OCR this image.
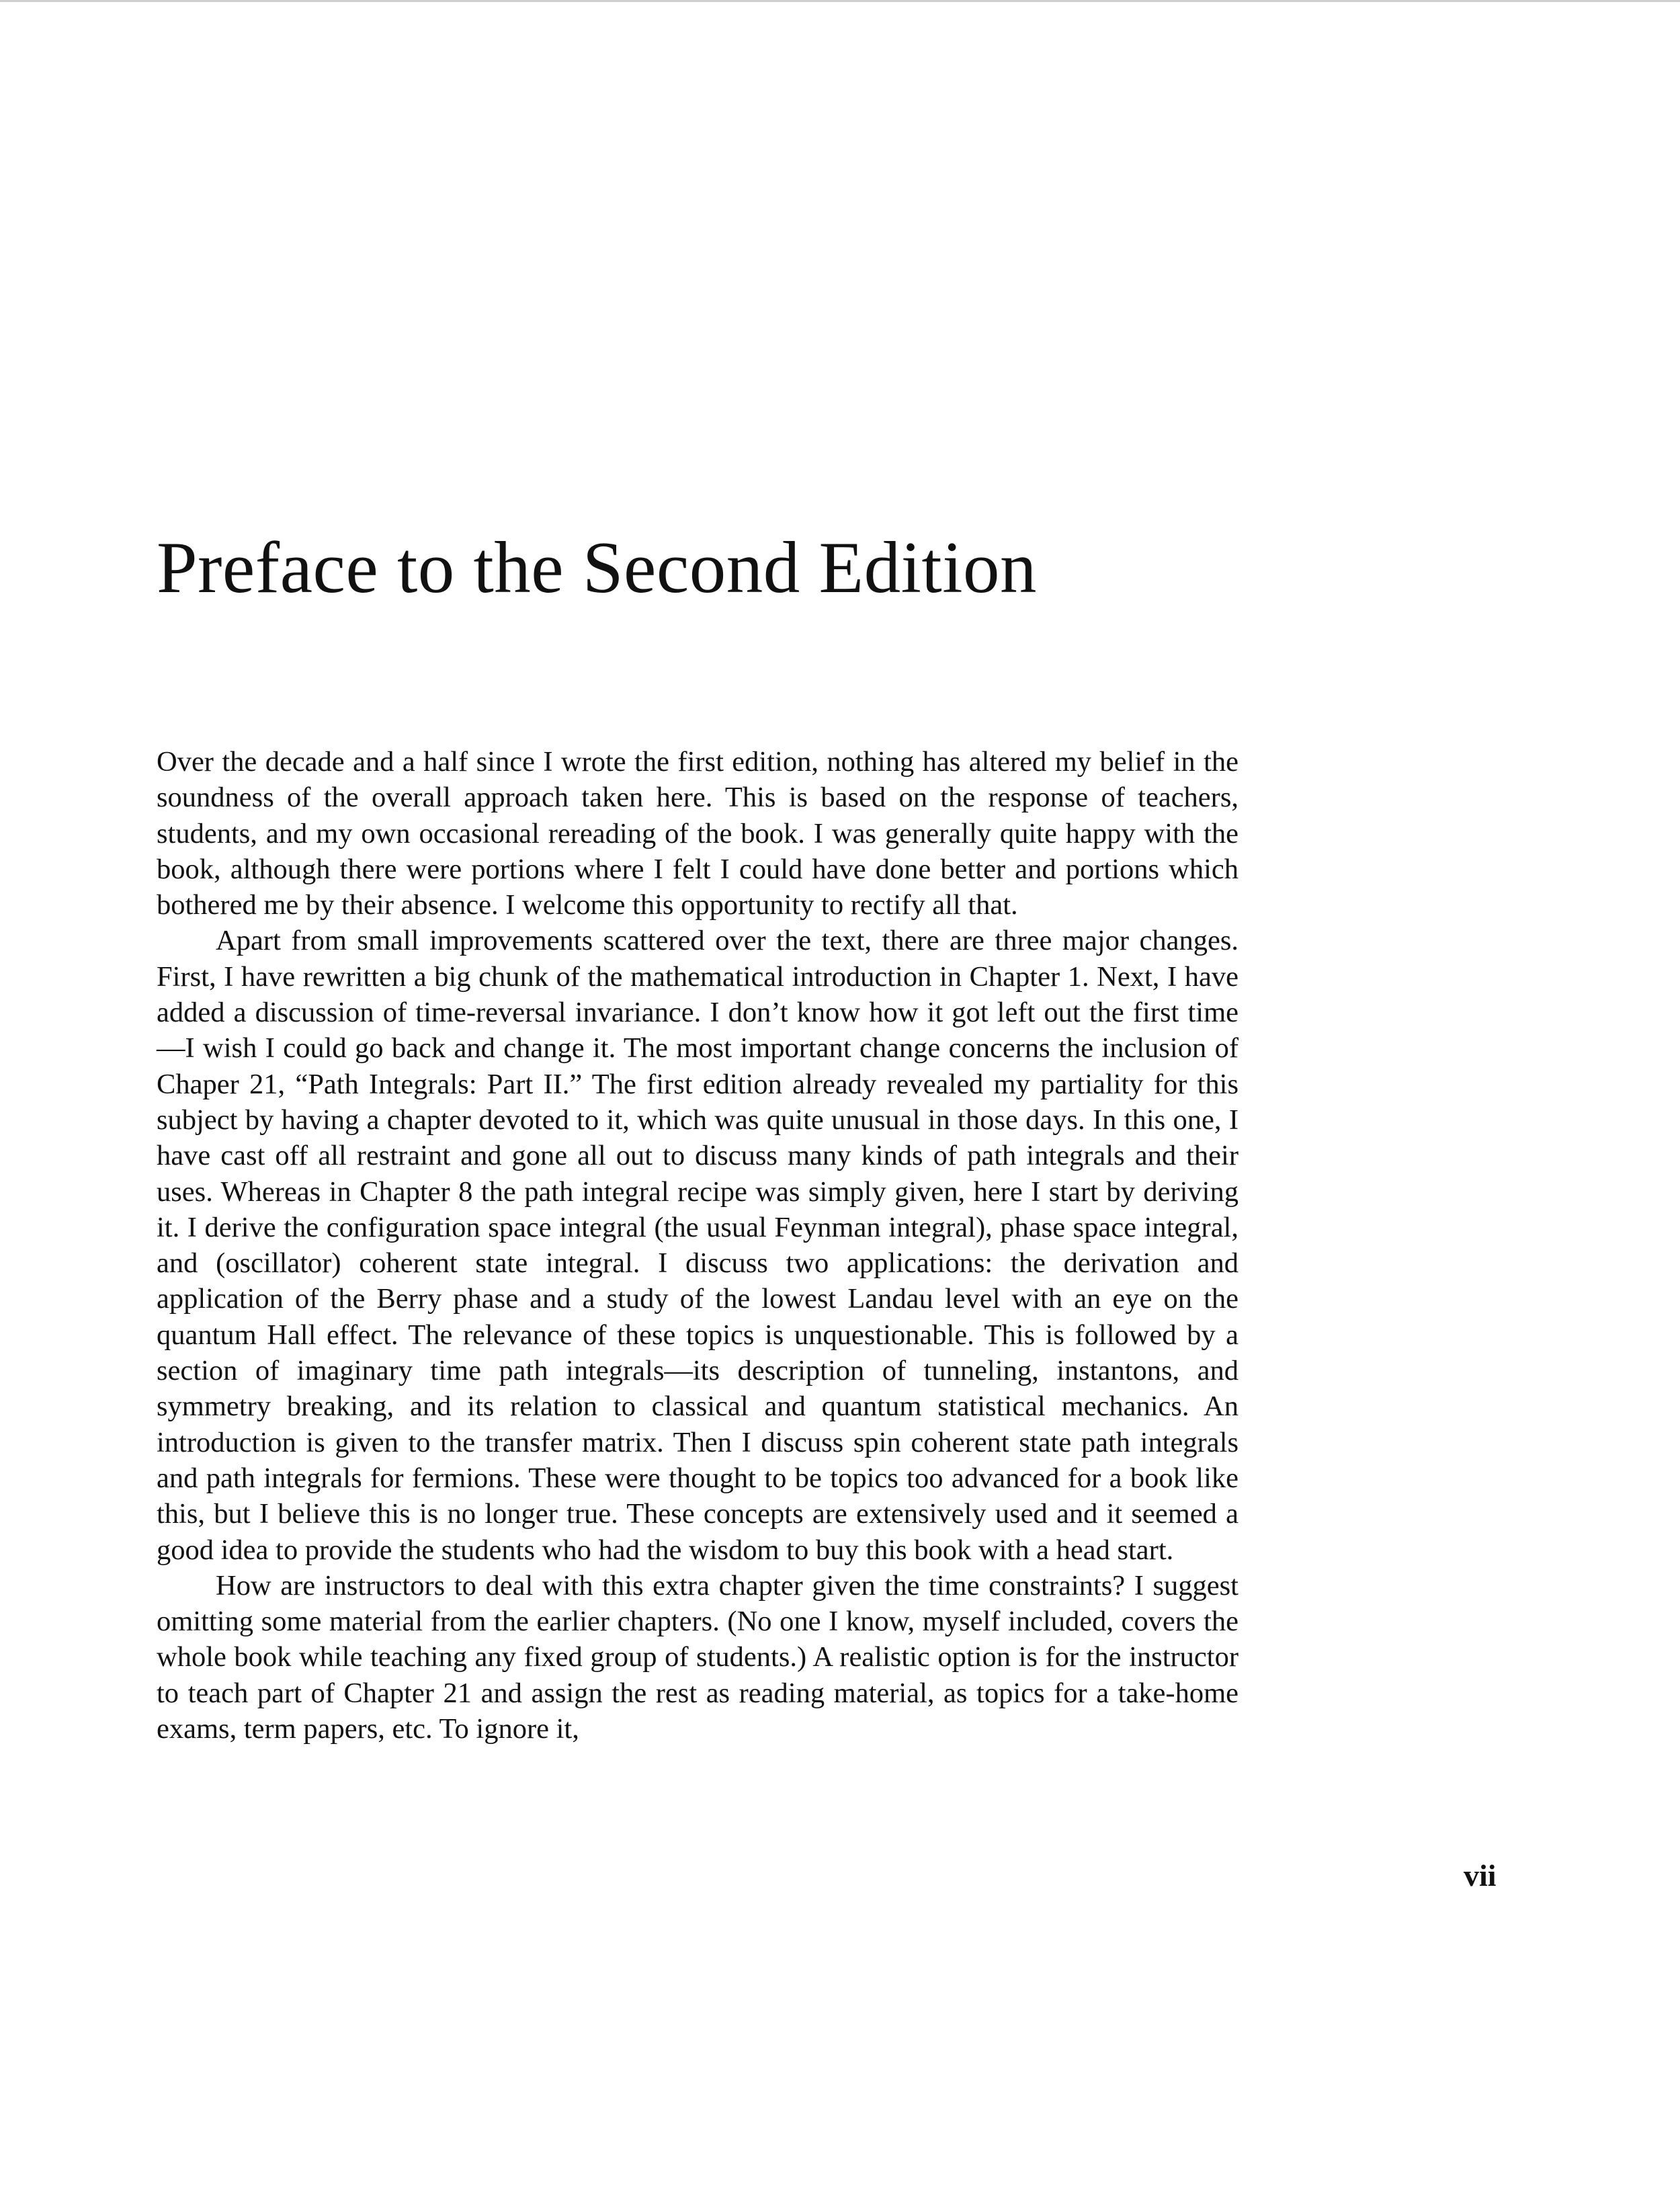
Preface to the Second Edition

Over the decade and a half since I wrote the first edition, nothing has altered my belief in the soundness of the overall approach taken here. This is based on the response of teachers, students, and my own occasional rereading of the book. I was generally quite happy with the book, although there were portions where I felt I could have done better and portions which bothered me by their absence. I welcome this opportunity to rectify all that.

Apart from small improvements scattered over the text, there are three major changes. First, I have rewritten a big chunk of the mathematical introduction in Chapter 1. Next, I have added a discussion of time-reversal invariance. I don’t know how it got left out the first time—I wish I could go back and change it. The most important change concerns the inclusion of Chaper 21, “Path Integrals: Part II.” The first edition already revealed my partiality for this subject by having a chapter devoted to it, which was quite unusual in those days. In this one, I have cast off all restraint and gone all out to discuss many kinds of path integrals and their uses. Whereas in Chapter 8 the path integral recipe was simply given, here I start by deriving it. I derive the configuration space integral (the usual Feynman integral), phase space integral, and (oscillator) coherent state integral. I discuss two applications: the derivation and application of the Berry phase and a study of the lowest Landau level with an eye on the quantum Hall effect. The relevance of these topics is unquestionable. This is followed by a section of imaginary time path integrals—its description of tunneling, instantons, and symmetry breaking, and its relation to classical and quantum statistical mechanics. An introduction is given to the transfer matrix. Then I discuss spin coherent state path integrals and path integrals for fermions. These were thought to be topics too advanced for a book like this, but I believe this is no longer true. These concepts are extensively used and it seemed a good idea to provide the students who had the wisdom to buy this book with a head start.

How are instructors to deal with this extra chapter given the time constraints? I suggest omitting some material from the earlier chapters. (No one I know, myself included, covers the whole book while teaching any fixed group of students.) A realistic option is for the instructor to teach part of Chapter 21 and assign the rest as reading material, as topics for a take-home exams, term papers, etc. To ignore it,

vii
